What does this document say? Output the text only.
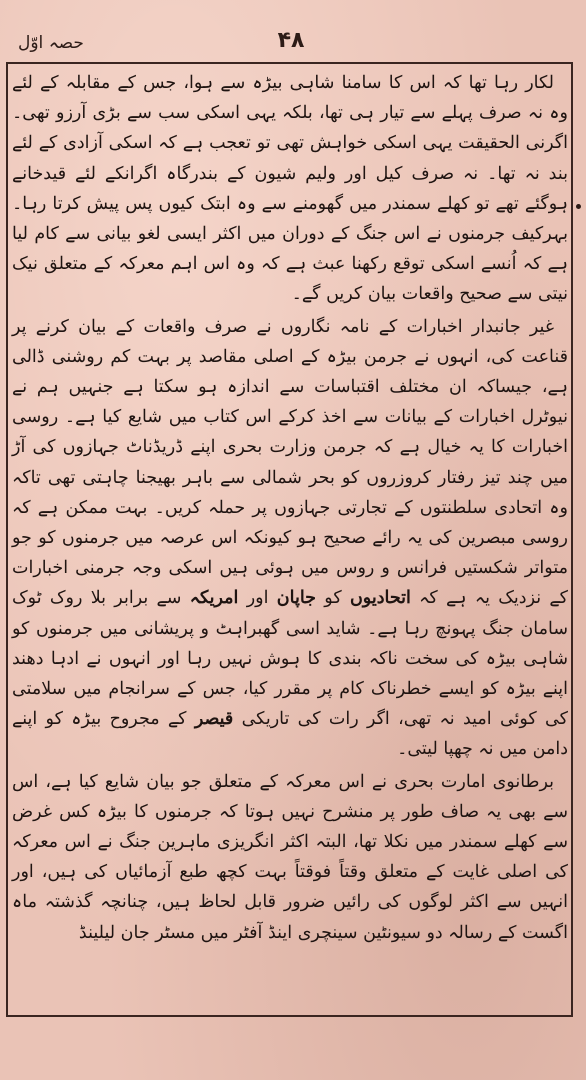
حصہ اوّل	۴۸

لکار رہا تھا کہ اس کا سامنا شاہی بیڑہ سے ہوا، جس کے مقابلہ کے لئے وہ نہ صرف پہلے سے تیار ہی تھا، بلکہ یہی اسکی سب سے بڑی آرزو تھی۔ اگرنی الحقیقت یہی اسکی خواہش تھی تو تعجب ہے کہ اسکی آزادی کے لئے بند نہ تھا۔ نہ صرف کیل اور ولیم شیون کے بندرگاہ اگرانکے لئے قیدخانے ہوگئے تھے تو کھلے سمندر میں گھومنے سے وہ ابتک کیوں پس پیش کرتا رہا۔ بہرکیف جرمنوں نے اس جنگ کے دوران میں اکثر ایسی لغو بیانی سے کام لیا ہے کہ اُنسے اسکی توقع رکھنا عبث ہے کہ وہ اس اہم معرکہ کے متعلق نیک نیتی سے صحیح واقعات بیان کریں گے۔

غیر جانبدار اخبارات کے نامہ نگاروں نے صرف واقعات کے بیان کرنے پر قناعت کی، انہوں نے جرمن بیڑہ کے اصلی مقاصد پر بہت کم روشنی ڈالی ہے، جیساکہ ان مختلف اقتباسات سے اندازہ ہو سکتا ہے جنہیں ہم نے نیوٹرل اخبارات کے بیانات سے اخذ کرکے اس کتاب میں شایع کیا ہے۔ روسی اخبارات کا یہ خیال ہے کہ جرمن وزارت بحری اپنے ڈریڈناٹ جہازوں کی آڑ میں چند تیز رفتار کروزروں کو بحر شمالی سے باہر بھیجنا چاہتی تھی تاکہ وہ اتحادی سلطنتوں کے تجارتی جہازوں پر حملہ کریں۔ بہت ممکن ہے کہ روسی مبصرین کی یہ رائے صحیح ہو کیونکہ اس عرصہ میں جرمنوں کو جو متواتر شکستیں فرانس و روس میں ہوئی ہیں اسکی وجہ جرمنی اخبارات کے نزدیک یہ ہے کہ اتحادیوں کو جاپان اور امریکہ سے برابر بلا روک ٹوک سامان جنگ پہونچ رہا ہے۔ شاید اسی گھبراہٹ و پریشانی میں جرمنوں کو شاہی بیڑہ کی سخت ناکہ بندی کا ہوش نہیں رہا اور انہوں نے ادہا دھند اپنے بیڑہ کو ایسے خطرناک کام پر مقرر کیا، جس کے سرانجام میں سلامتی کی کوئی امید نہ تھی، اگر رات کی تاریکی قیصر کے مجروح بیڑہ کو اپنے دامن میں نہ چھپا لیتی۔

برطانوی امارت بحری نے اس معرکہ کے متعلق جو بیان شایع کیا ہے، اس سے بھی یہ صاف طور پر منشرح نہیں ہوتا کہ جرمنوں کا بیڑہ کس غرض سے کھلے سمندر میں نکلا تھا، البتہ اکثر انگریزی ماہرین جنگ نے اس معرکہ کی اصلی غایت کے متعلق وقتاً فوقتاً بہت کچھ طبع آزمائیاں کی ہیں، اور انہیں سے اکثر لوگوں کی رائیں ضرور قابل لحاظ ہیں، چنانچہ گذشتہ ماہ اگست کے رسالہ دو سیونٹین سینچری اینڈ آفٹر میں مسٹر جان لیلینڈ
